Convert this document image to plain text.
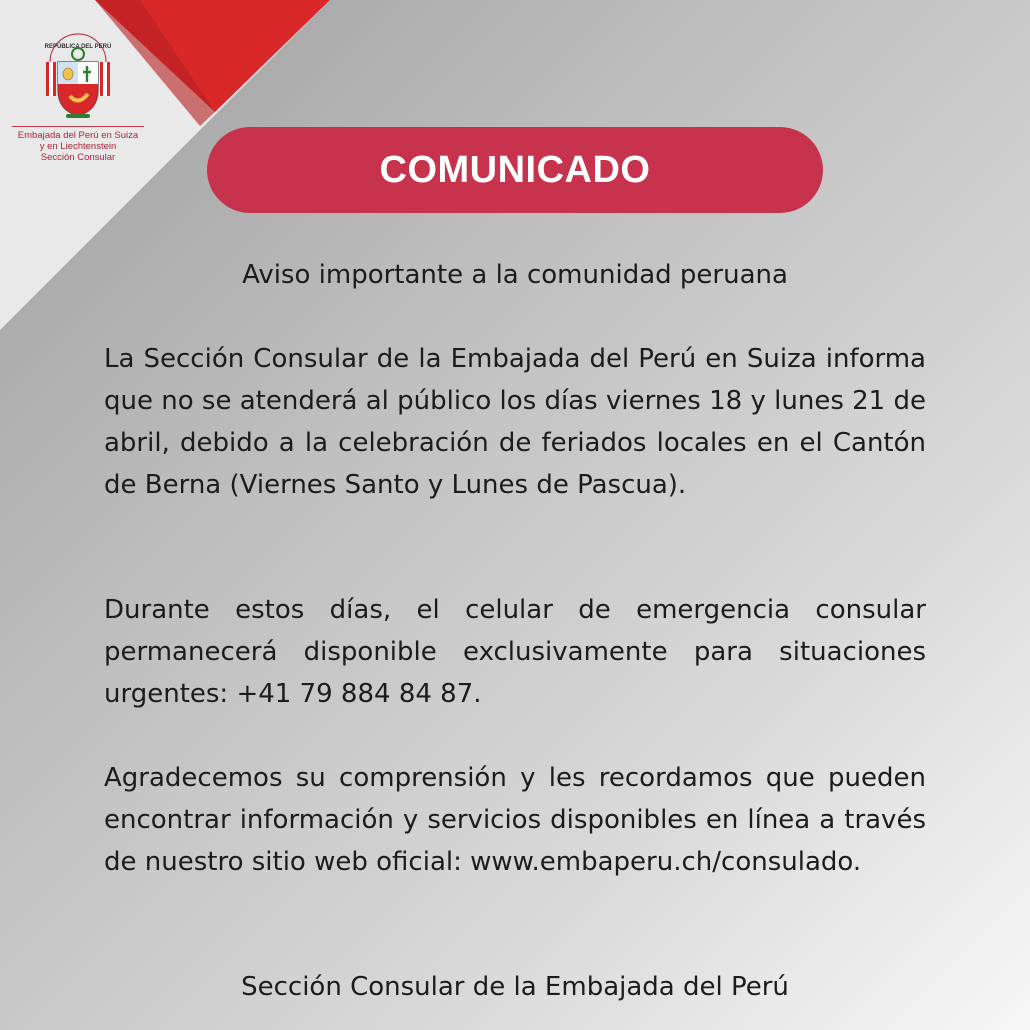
REPÚBLICA DEL PERÚ
Embajada del Perú en Suiza
y en Liechtenstein
Sección Consular	COMUNICADO
Aviso importante a la comunidad peruana

La Sección Consular de la Embajada del Perú en Suiza informa que no se atenderá al público los días viernes 18 y lunes 21 de abril, debido a la celebración de feriados locales en el Cantón de Berna (Viernes Santo y Lunes de Pascua).

Durante estos días, el celular de emergencia consular permanecerá disponible exclusivamente para situaciones urgentes: +41 79 884 84 87.

Agradecemos su comprensión y les recordamos que pueden encontrar información y servicios disponibles en línea a través de nuestro sitio web oficial: www.embaperu.ch/consulado.

Sección Consular de la Embajada del Perú
